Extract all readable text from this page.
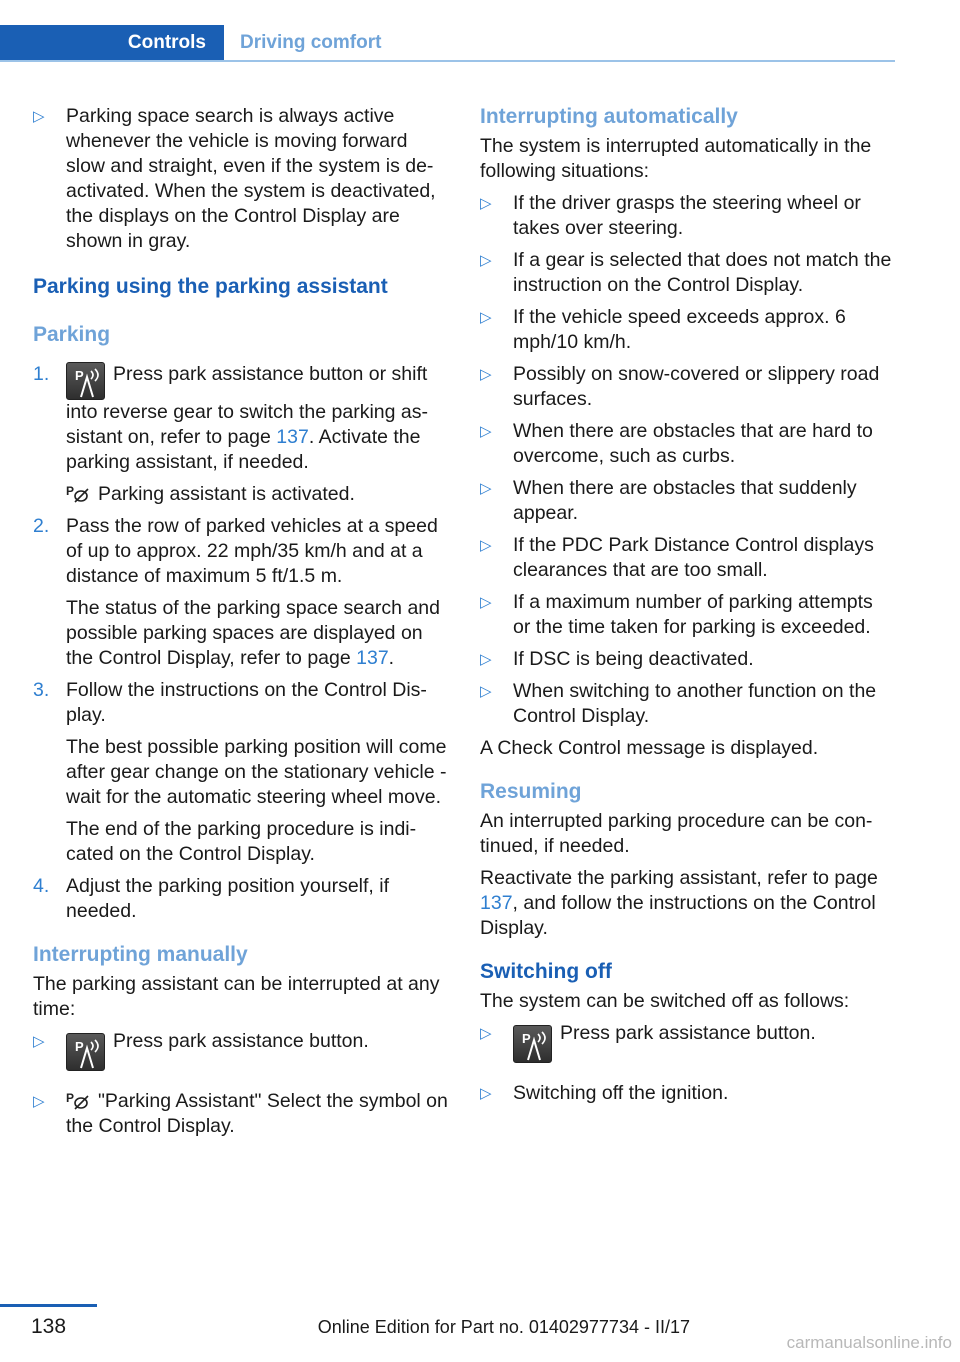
Controls	Driving comfort
▷ Parking space search is always active whenever the vehicle is moving forward slow and straight, even if the system is de‐activated. When the system is deactivated, the displays on the Control Display are shown in gray.

Parking using the parking assistant

Parking

1. P Press park assistance button or shift into reverse gear to switch the parking as‐sistant on, refer to page 137. Activate the parking assistant, if needed.

P Parking assistant is activated.

2. Pass the row of parked vehicles at a speed of up to approx. 22 mph/35 km/h and at a distance of maximum 5 ft/1.5 m.

The status of the parking space search and possible parking spaces are displayed on the Control Display, refer to page 137.

3. Follow the instructions on the Control Dis‐play.

The best possible parking position will come after gear change on the stationary vehicle - wait for the automatic steering wheel move.

The end of the parking procedure is indi‐cated on the Control Display.

4. Adjust the parking position yourself, if needed.

Interrupting manually

The parking assistant can be interrupted at any time:

▷ P Press park assistance button.
▷ P "Parking Assistant" Select the symbol on the Control Display.

Interrupting automatically

The system is interrupted automatically in the following situations:

▷ If the driver grasps the steering wheel or takes over steering.
▷ If a gear is selected that does not match the instruction on the Control Display.
▷ If the vehicle speed exceeds approx. 6 mph/10 km/h.
▷ Possibly on snow-covered or slippery road surfaces.
▷ When there are obstacles that are hard to overcome, such as curbs.
▷ When there are obstacles that suddenly appear.
▷ If the PDC Park Distance Control displays clearances that are too small.
▷ If a maximum number of parking attempts or the time taken for parking is exceeded.
▷ If DSC is being deactivated.
▷ When switching to another function on the Control Display.

A Check Control message is displayed.

Resuming

An interrupted parking procedure can be con‐tinued, if needed.

Reactivate the parking assistant, refer to page 137, and follow the instructions on the Control Display.

Switching off

The system can be switched off as follows:

▷ P Press park assistance button.
▷ Switching off the ignition.
138	Online Edition for Part no. 01402977734 - II/17
carmanualsonline.info
